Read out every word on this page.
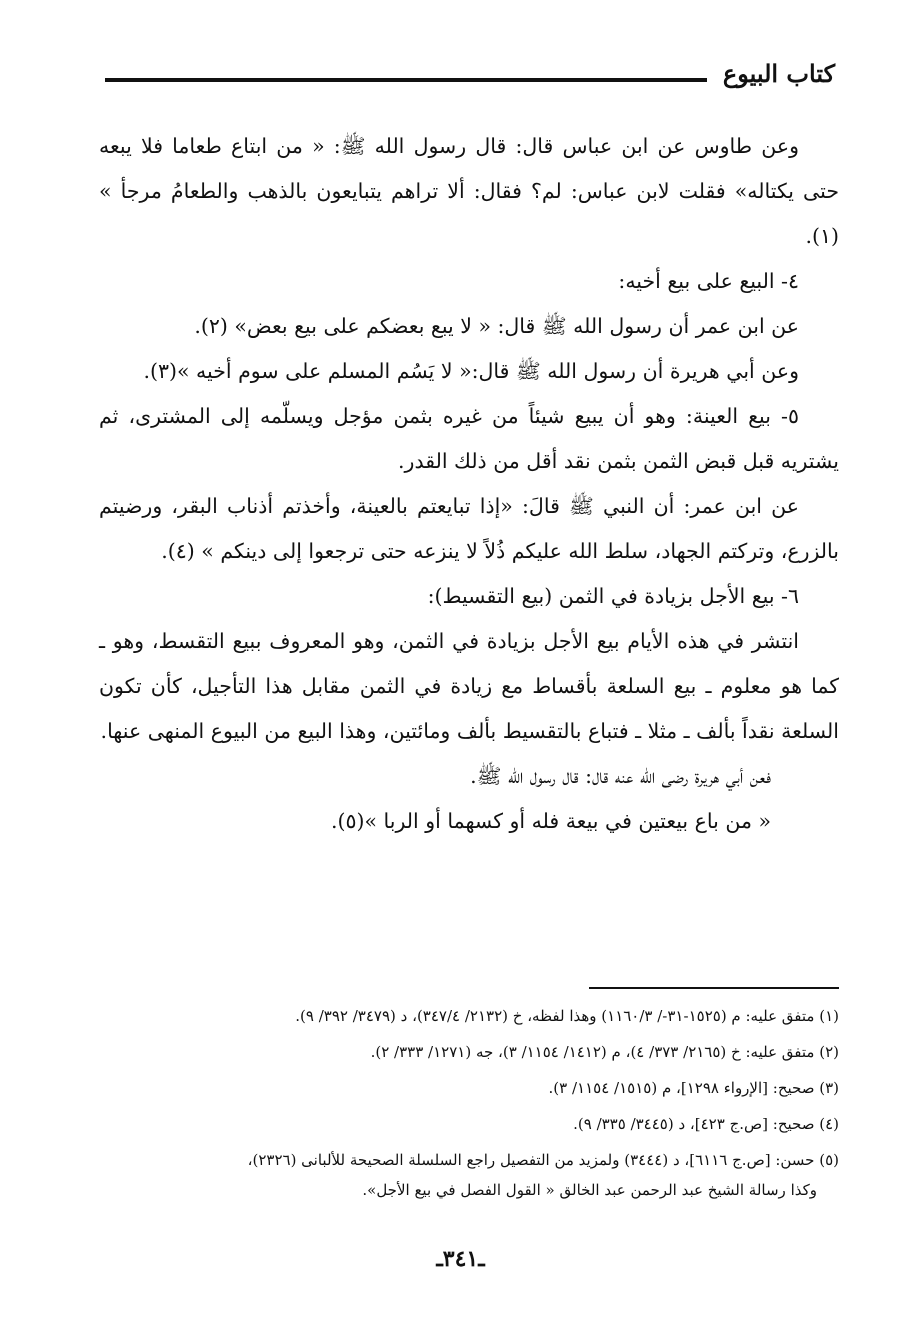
كتاب البيوع

وعن طاوس عن ابن عباس قال: قال رسول الله ﷺ: « من ابتاع طعاما فلا يبعه حتى يكتاله» فقلت لابن عباس: لم؟ فقال: ألا تراهم يتبايعون بالذهب والطعامُ مرجأ » (١).

٤- البيع على بيع أخيه:

عن ابن عمر أن رسول الله ﷺ قال: « لا يبع بعضكم على بيع بعض» (٢).

وعن أبي هريرة أن رسول الله ﷺ قال:« لا يَسُم المسلم على سوم أخيه »(٣).

٥- بيع العينة: وهو أن يبيع شيئاً من غيره بثمن مؤجل ويسلّمه إلى المشترى، ثم يشتريه قبل قبض الثمن بثمن نقد أقل من ذلك القدر.

عن ابن عمر: أن النبي ﷺ قالَ: «إذا تبايعتم بالعينة، وأخذتم أذناب البقر، ورضيتم بالزرع، وتركتم الجهاد، سلط الله عليكم ذُلاً لا ينزعه حتى ترجعوا إلى دينكم » (٤).

٦- بيع الأجل بزيادة في الثمن (بيع التقسيط):

انتشر في هذه الأيام بيع الأجل بزيادة في الثمن، وهو المعروف ببيع التقسط، وهو ـ كما هو معلوم ـ بيع السلعة بأقساط مع زيادة في الثمن مقابل هذا التأجيل، كأن تكون السلعة نقداً بألف ـ مثلا ـ فتباع بالتقسيط بألف ومائتين، وهذا البيع من البيوع المنهى عنها.

فعن أبي هريرة رضى الله عنه قال: قال رسول الله ﷺ.

« من باع بيعتين في بيعة فله أو كسهما أو الربا »(٥).

(١) متفق عليه: م (١٥٢٥-٣١-/ ١١٦٠/٣) وهذا لفظه، خ (٢١٣٢/ ٣٤٧/٤)، د (٣٤٧٩/ ٣٩٢/ ٩).

(٢) متفق عليه: خ (٢١٦٥/ ٣٧٣/ ٤)، م (١٤١٢/ ١١٥٤/ ٣)، جه (١٢٧١/ ٣٣٣/ ٢).

(٣) صحيح: [الإرواء ١٢٩٨]، م (١٥١٥/ ١١٥٤/ ٣).

(٤) صحيح: [ص.ج ٤٢٣]، د (٣٤٤٥/ ٣٣٥/ ٩).

(٥) حسن: [ص.ج ٦١١٦]، د (٣٤٤٤) ولمزيد من التفصيل راجع السلسلة الصحيحة للألبانى (٢٣٢٦)،

وكذا رسالة الشيخ عبد الرحمن عبد الخالق « القول الفصل في بيع الأجل».

ـ٣٤١ـ
